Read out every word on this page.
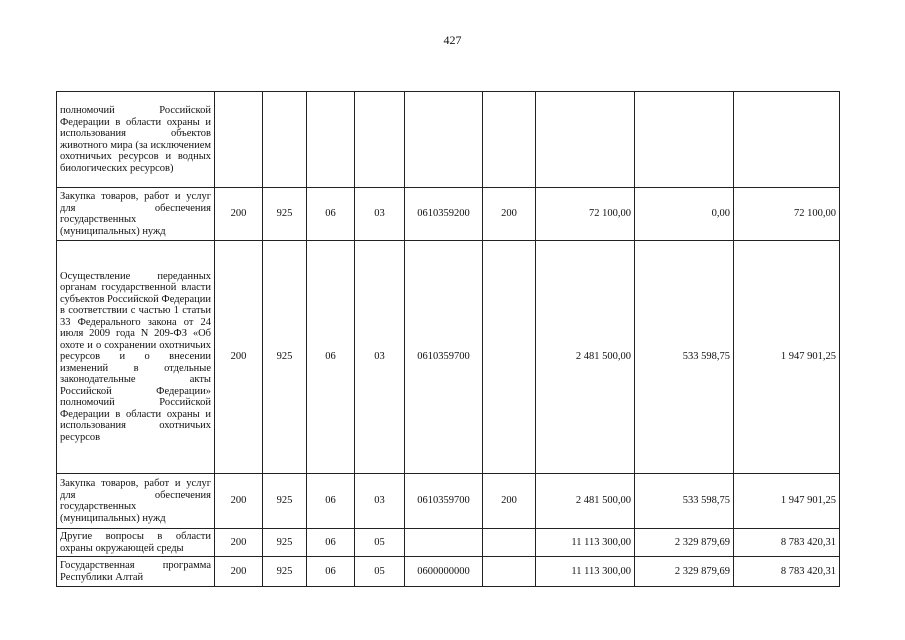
427
полномочий Российской Федерации в области охраны и использования объектов животного мира (за исключением охотничьих ресурсов и водных биологических ресурсов)									
Закупка товаров, работ и услуг для обеспечения государственных (муниципальных) нужд	200	925	06	03	0610359200	200	72 100,00	0,00	72 100,00
Осуществление переданных органам государственной власти субъектов Российской Федерации в соответствии с частью 1 статьи 33 Федерального закона от 24 июля 2009 года N 209-ФЗ «Об охоте и о сохранении охотничьих ресурсов и о внесении изменений в отдельные законодательные акты Российской Федерации» полномочий Российской Федерации в области охраны и использования охотничьих ресурсов	200	925	06	03	0610359700		2 481 500,00	533 598,75	1 947 901,25
Закупка товаров, работ и услуг для обеспечения государственных (муниципальных) нужд	200	925	06	03	0610359700	200	2 481 500,00	533 598,75	1 947 901,25
Другие вопросы в области охраны окружающей среды	200	925	06	05			11 113 300,00	2 329 879,69	8 783 420,31
Государственная программа Республики Алтай	200	925	06	05	0600000000		11 113 300,00	2 329 879,69	8 783 420,31
